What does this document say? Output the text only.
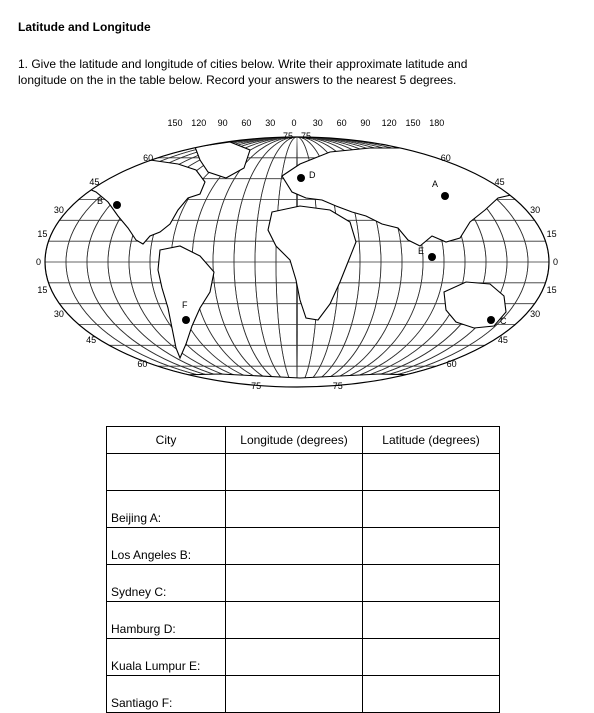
Latitude and Longitude
1. Give the latitude and longitude of cities below. Write their approximate latitude and
longitude on the in the table below. Record your answers to the nearest 5 degrees.
150 120 90 60 30 0 30 60 90 120 150 180
75
60
45
30
15
0
15
30
45
60
75
75
60
45
30
15
0
15
30
45
60
75
A
B
C
D
E
F
City	Longitude (degrees)	Latitude (degrees)

Beijing A:		
Los Angeles B:		
Sydney C:		
Hamburg D:		
Kuala Lumpur E:		
Santiago F:		
